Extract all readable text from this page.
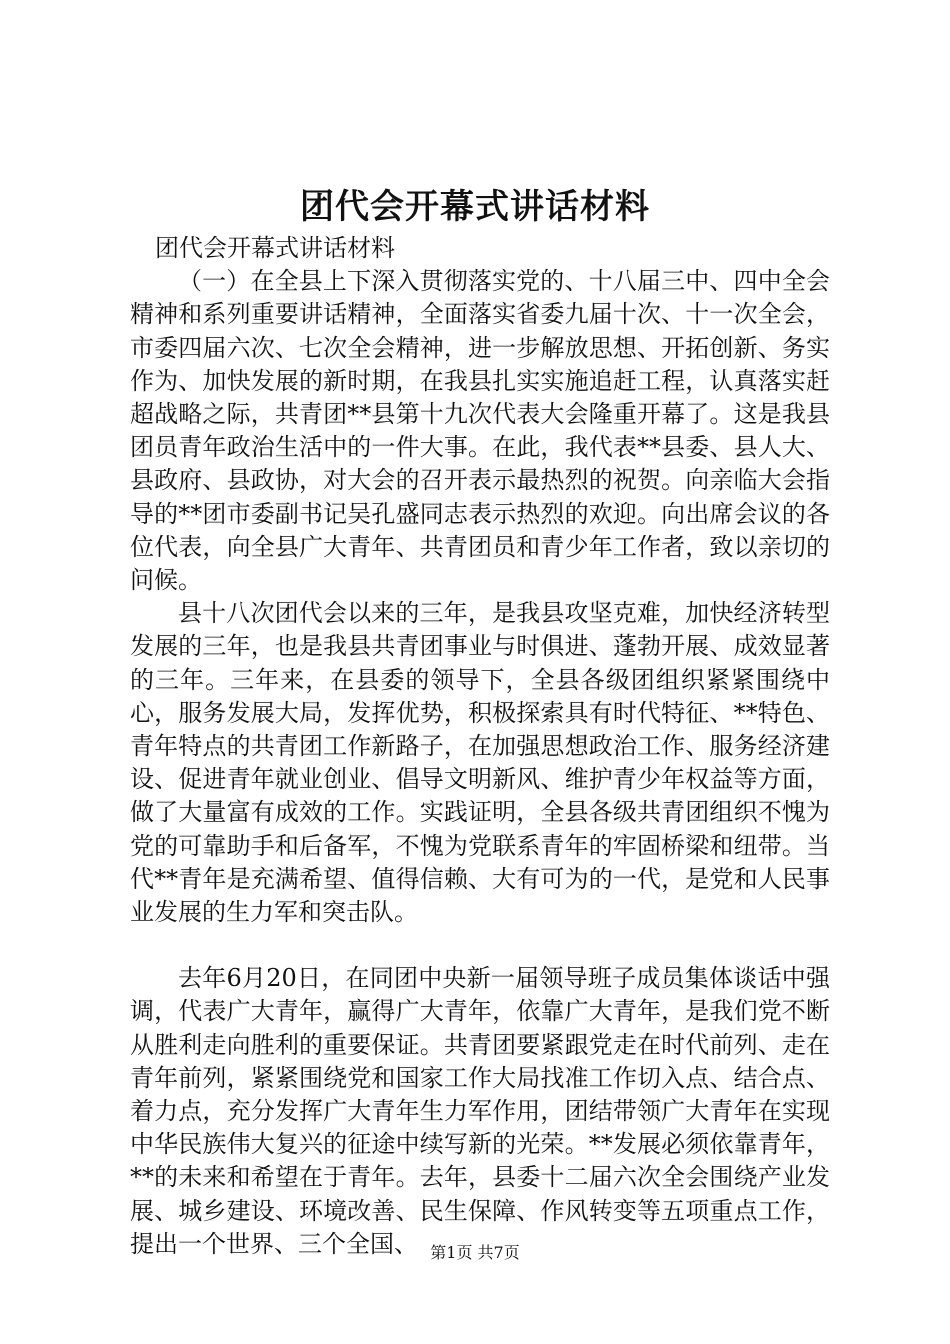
团代会开幕式讲话材料

团代会开幕式讲话材料

（一）在全县上下深入贯彻落实党的、十八届三中、四中全会精神和系列重要讲话精神，全面落实省委九届十次、十一次全会，市委四届六次、七次全会精神，进一步解放思想、开拓创新、务实作为、加快发展的新时期，在我县扎实实施追赶工程，认真落实赶超战略之际，共青团**县第十九次代表大会隆重开幕了。这是我县团员青年政治生活中的一件大事。在此，我代表**县委、县人大、县政府、县政协，对大会的召开表示最热烈的祝贺。向亲临大会指导的**团市委副书记吴孔盛同志表示热烈的欢迎。向出席会议的各位代表，向全县广大青年、共青团员和青少年工作者，致以亲切的问候。

县十八次团代会以来的三年，是我县攻坚克难，加快经济转型发展的三年，也是我县共青团事业与时俱进、蓬勃开展、成效显著的三年。三年来，在县委的领导下，全县各级团组织紧紧围绕中心，服务发展大局，发挥优势，积极探索具有时代特征、**特色、青年特点的共青团工作新路子，在加强思想政治工作、服务经济建设、促进青年就业创业、倡导文明新风、维护青少年权益等方面，做了大量富有成效的工作。实践证明，全县各级共青团组织不愧为党的可靠助手和后备军，不愧为党联系青年的牢固桥梁和纽带。当代**青年是充满希望、值得信赖、大有可为的一代，是党和人民事业发展的生力军和突击队。

去年6月20日，在同团中央新一届领导班子成员集体谈话中强调，代表广大青年，赢得广大青年，依靠广大青年，是我们党不断从胜利走向胜利的重要保证。共青团要紧跟党走在时代前列、走在青年前列，紧紧围绕党和国家工作大局找准工作切入点、结合点、着力点，充分发挥广大青年生力军作用，团结带领广大青年在实现中华民族伟大复兴的征途中续写新的光荣。**发展必须依靠青年，**的未来和希望在于青年。去年，县委十二届六次全会围绕产业发展、城乡建设、环境改善、民生保障、作风转变等五项重点工作，提出一个世界、三个全国、 第1页 共7页
